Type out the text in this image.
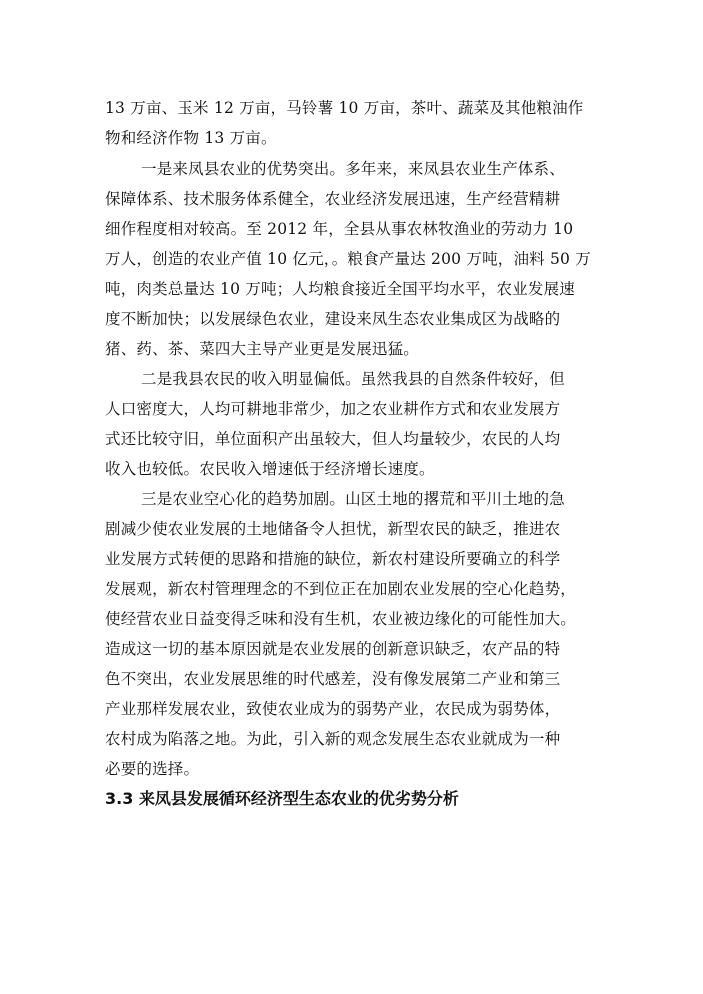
13 万亩、玉米 12 万亩，马铃薯 10 万亩，茶叶、蔬菜及其他粮油作
物和经济作物 13 万亩。
一是来凤县农业的优势突出。多年来，来凤县农业生产体系、
保障体系、技术服务体系健全，农业经济发展迅速，生产经营精耕
细作程度相对较高。至 2012 年，全县从事农林牧渔业的劳动力 10
万人，创造的农业产值 10 亿元，。粮食产量达 200 万吨，油料 50 万
吨，肉类总量达 10 万吨；人均粮食接近全国平均水平，农业发展速
度不断加快；以发展绿色农业，建设来凤生态农业集成区为战略的
猪、药、茶、菜四大主导产业更是发展迅猛。
二是我县农民的收入明显偏低。虽然我县的自然条件较好，但
人口密度大，人均可耕地非常少，加之农业耕作方式和农业发展方
式还比较守旧，单位面积产出虽较大，但人均量较少，农民的人均
收入也较低。农民收入增速低于经济增长速度。
三是农业空心化的趋势加剧。山区土地的撂荒和平川土地的急
剧减少使农业发展的土地储备令人担忧，新型农民的缺乏，推进农
业发展方式转便的思路和措施的缺位，新农村建设所要确立的科学
发展观，新农村管理理念的不到位正在加剧农业发展的空心化趋势，
使经营农业日益变得乏味和没有生机，农业被边缘化的可能性加大。
造成这一切的基本原因就是农业发展的创新意识缺乏，农产品的特
色不突出，农业发展思维的时代感差，没有像发展第二产业和第三
产业那样发展农业，致使农业成为的弱势产业，农民成为弱势体，
农村成为陷落之地。为此，引入新的观念发展生态农业就成为一种
必要的选择。
3.3 来凤县发展循环经济型生态农业的优劣势分析
